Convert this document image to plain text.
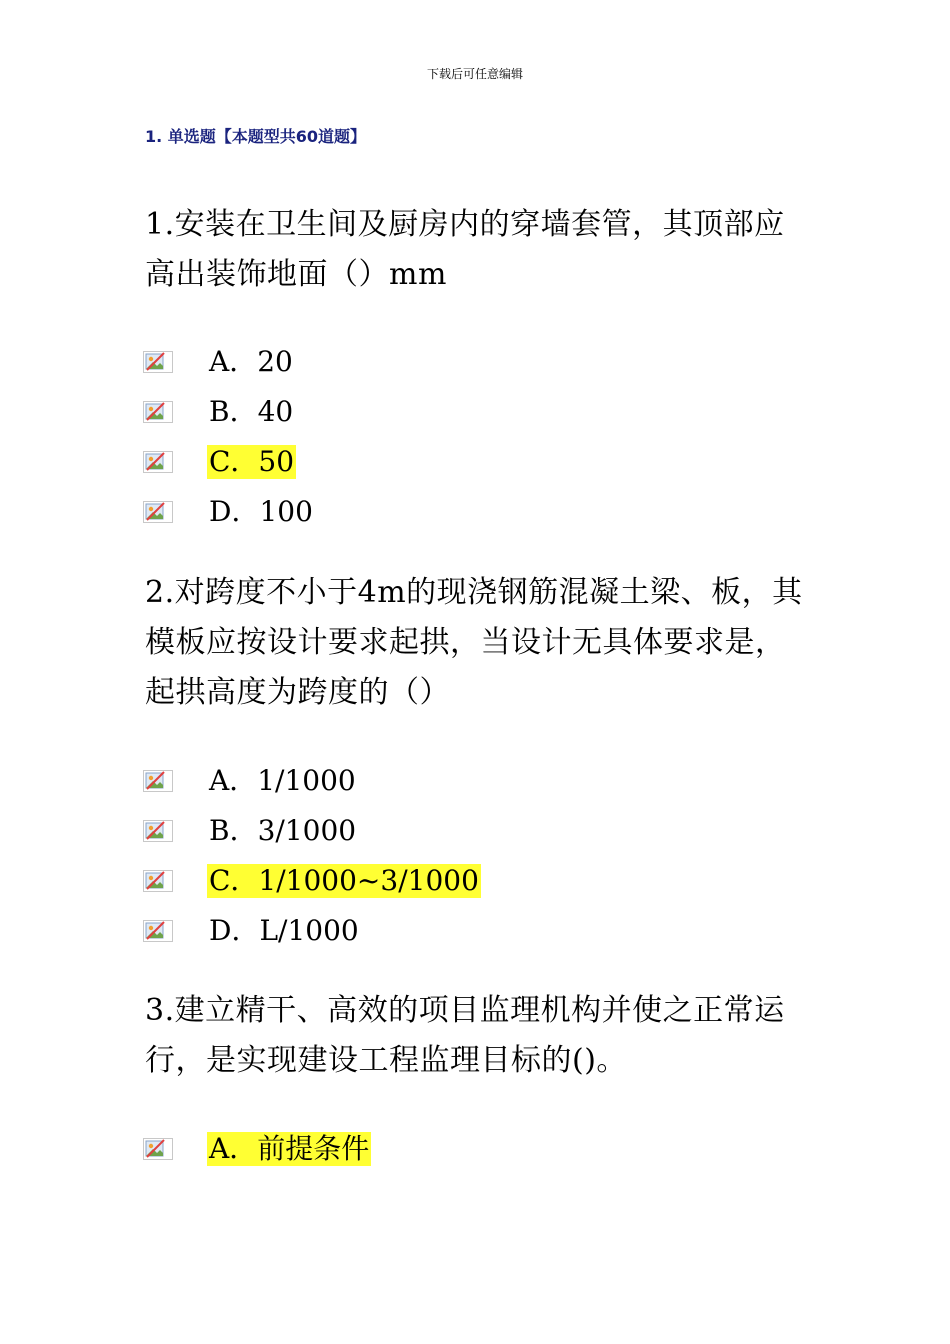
下载后可任意编辑
1. 单选题【本题型共60道题】
1.安装在卫生间及厨房内的穿墙套管，其顶部应高出装饰地面（）mm
A．20
B．40
C．50
D．100
2.对跨度不小于4m的现浇钢筋混凝土梁、板，其模板应按设计要求起拱，当设计无具体要求是，起拱高度为跨度的（）
A．1/1000
B．3/1000
C．1/1000~3/1000
D．L/1000
3.建立精干、高效的项目监理机构并使之正常运行，是实现建设工程监理目标的()。
A．前提条件
